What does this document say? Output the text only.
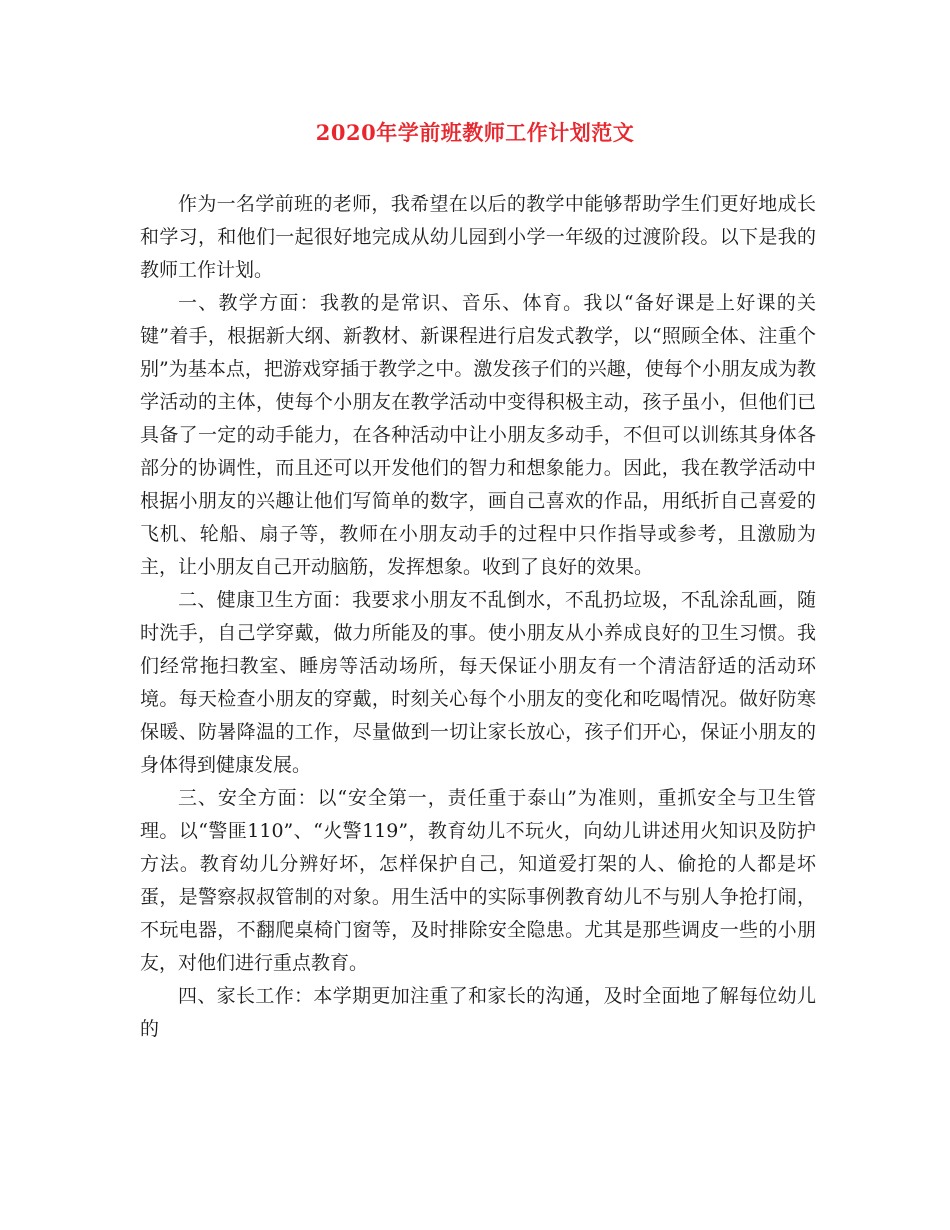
2020年学前班教师工作计划范文

作为一名学前班的老师，我希望在以后的教学中能够帮助学生们更好地成长和学习，和他们一起很好地完成从幼儿园到小学一年级的过渡阶段。以下是我的教师工作计划。

一、教学方面：我教的是常识、音乐、体育。我以“备好课是上好课的关键”着手，根据新大纲、新教材、新课程进行启发式教学，以“照顾全体、注重个别”为基本点，把游戏穿插于教学之中。激发孩子们的兴趣，使每个小朋友成为教学活动的主体，使每个小朋友在教学活动中变得积极主动，孩子虽小，但他们已具备了一定的动手能力，在各种活动中让小朋友多动手，不但可以训练其身体各部分的协调性，而且还可以开发他们的智力和想象能力。因此，我在教学活动中根据小朋友的兴趣让他们写简单的数字，画自己喜欢的作品，用纸折自己喜爱的飞机、轮船、扇子等，教师在小朋友动手的过程中只作指导或参考，且激励为主，让小朋友自己开动脑筋，发挥想象。收到了良好的效果。

二、健康卫生方面：我要求小朋友不乱倒水，不乱扔垃圾，不乱涂乱画，随时洗手，自己学穿戴，做力所能及的事。使小朋友从小养成良好的卫生习惯。我们经常拖扫教室、睡房等活动场所，每天保证小朋友有一个清洁舒适的活动环境。每天检查小朋友的穿戴，时刻关心每个小朋友的变化和吃喝情况。做好防寒保暖、防暑降温的工作，尽量做到一切让家长放心，孩子们开心，保证小朋友的身体得到健康发展。

三、安全方面：以“安全第一，责任重于泰山”为准则，重抓安全与卫生管理。以“警匪110”、“火警119”，教育幼儿不玩火，向幼儿讲述用火知识及防护方法。教育幼儿分辨好坏，怎样保护自己，知道爱打架的人、偷抢的人都是坏蛋，是警察叔叔管制的对象。用生活中的实际事例教育幼儿不与别人争抢打闹，不玩电器，不翻爬桌椅门窗等，及时排除安全隐患。尤其是那些调皮一些的小朋友，对他们进行重点教育。

四、家长工作：本学期更加注重了和家长的沟通，及时全面地了解每位幼儿的
